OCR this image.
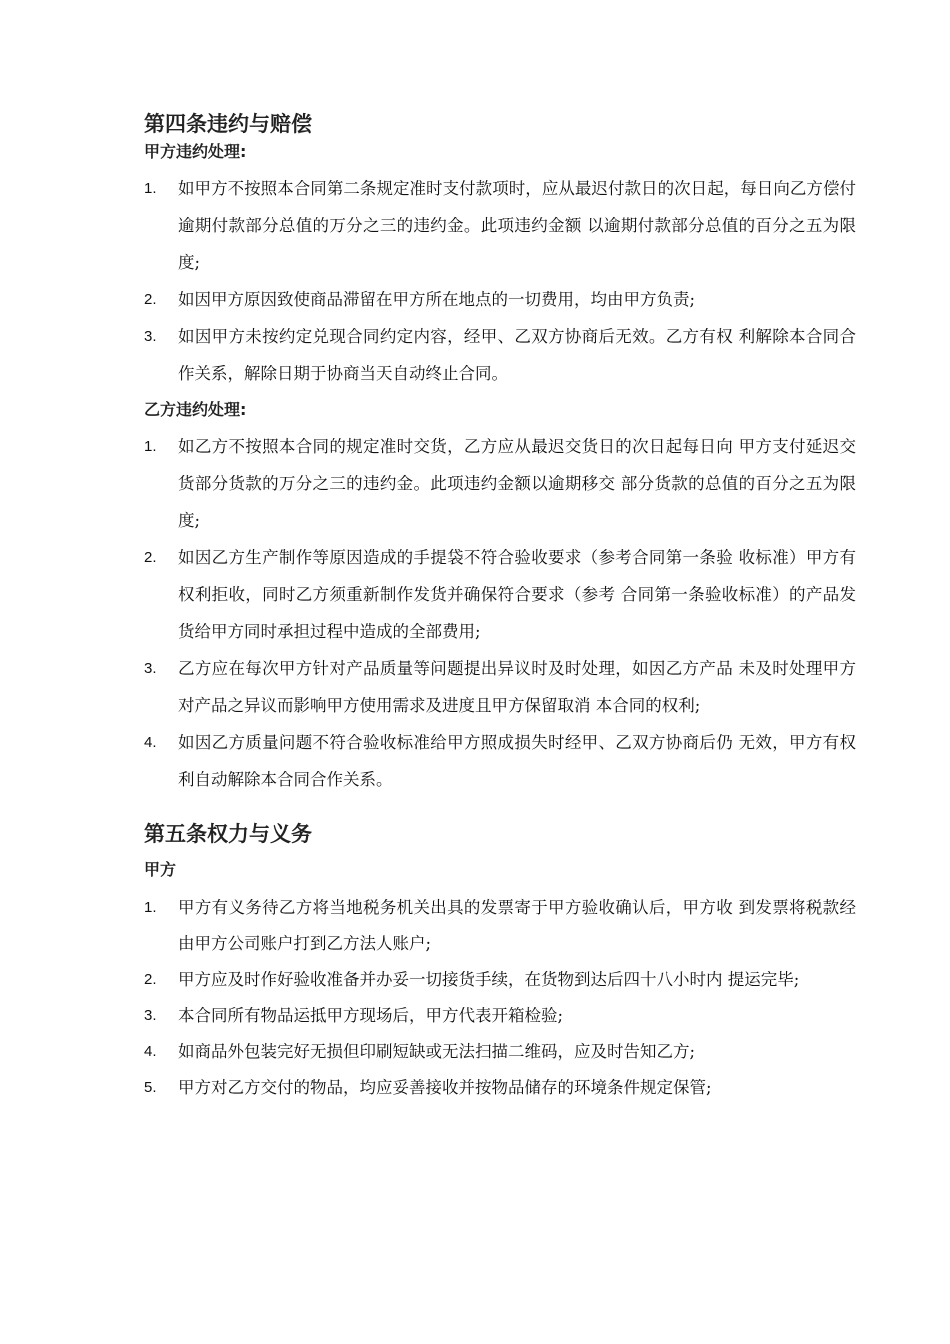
第四条违约与赔偿

甲方违约处理:

1. 如甲方不按照本合同第二条规定准时支付款项时，应从最迟付款日的次日起，每日向乙方偿付逾期付款部分总值的万分之三的违约金。此项违约金额 以逾期付款部分总值的百分之五为限度;
2. 如因甲方原因致使商品滞留在甲方所在地点的一切费用，均由甲方负责;
3. 如因甲方未按约定兑现合同约定内容，经甲、乙双方协商后无效。乙方有权 利解除本合同合作关系，解除日期于协商当天自动终止合同。

乙方违约处理:

1. 如乙方不按照本合同的规定准时交货，乙方应从最迟交货日的次日起每日向 甲方支付延迟交货部分货款的万分之三的违约金。此项违约金额以逾期移交 部分货款的总值的百分之五为限度;
2. 如因乙方生产制作等原因造成的手提袋不符合验收要求（参考合同第一条验 收标准）甲方有权利拒收，同时乙方须重新制作发货并确保符合要求（参考 合同第一条验收标准）的产品发货给甲方同时承担过程中造成的全部费用;
3. 乙方应在每次甲方针对产品质量等问题提出异议时及时处理，如因乙方产品 未及时处理甲方对产品之异议而影响甲方使用需求及进度且甲方保留取消 本合同的权利;
4. 如因乙方质量问题不符合验收标准给甲方照成损失时经甲、乙双方协商后仍 无效，甲方有权利自动解除本合同合作关系。
第五条权力与义务

甲方

1. 甲方有义务待乙方将当地税务机关出具的发票寄于甲方验收确认后，甲方收 到发票将税款经由甲方公司账户打到乙方法人账户;
2. 甲方应及时作好验收准备并办妥一切接货手续，在货物到达后四十八小时内 提运完毕;
3. 本合同所有物品运抵甲方现场后，甲方代表开箱检验;
4. 如商品外包装完好无损但印刷短缺或无法扫描二维码，应及时告知乙方;
5. 甲方对乙方交付的物品，均应妥善接收并按物品储存的环境条件规定保管;
